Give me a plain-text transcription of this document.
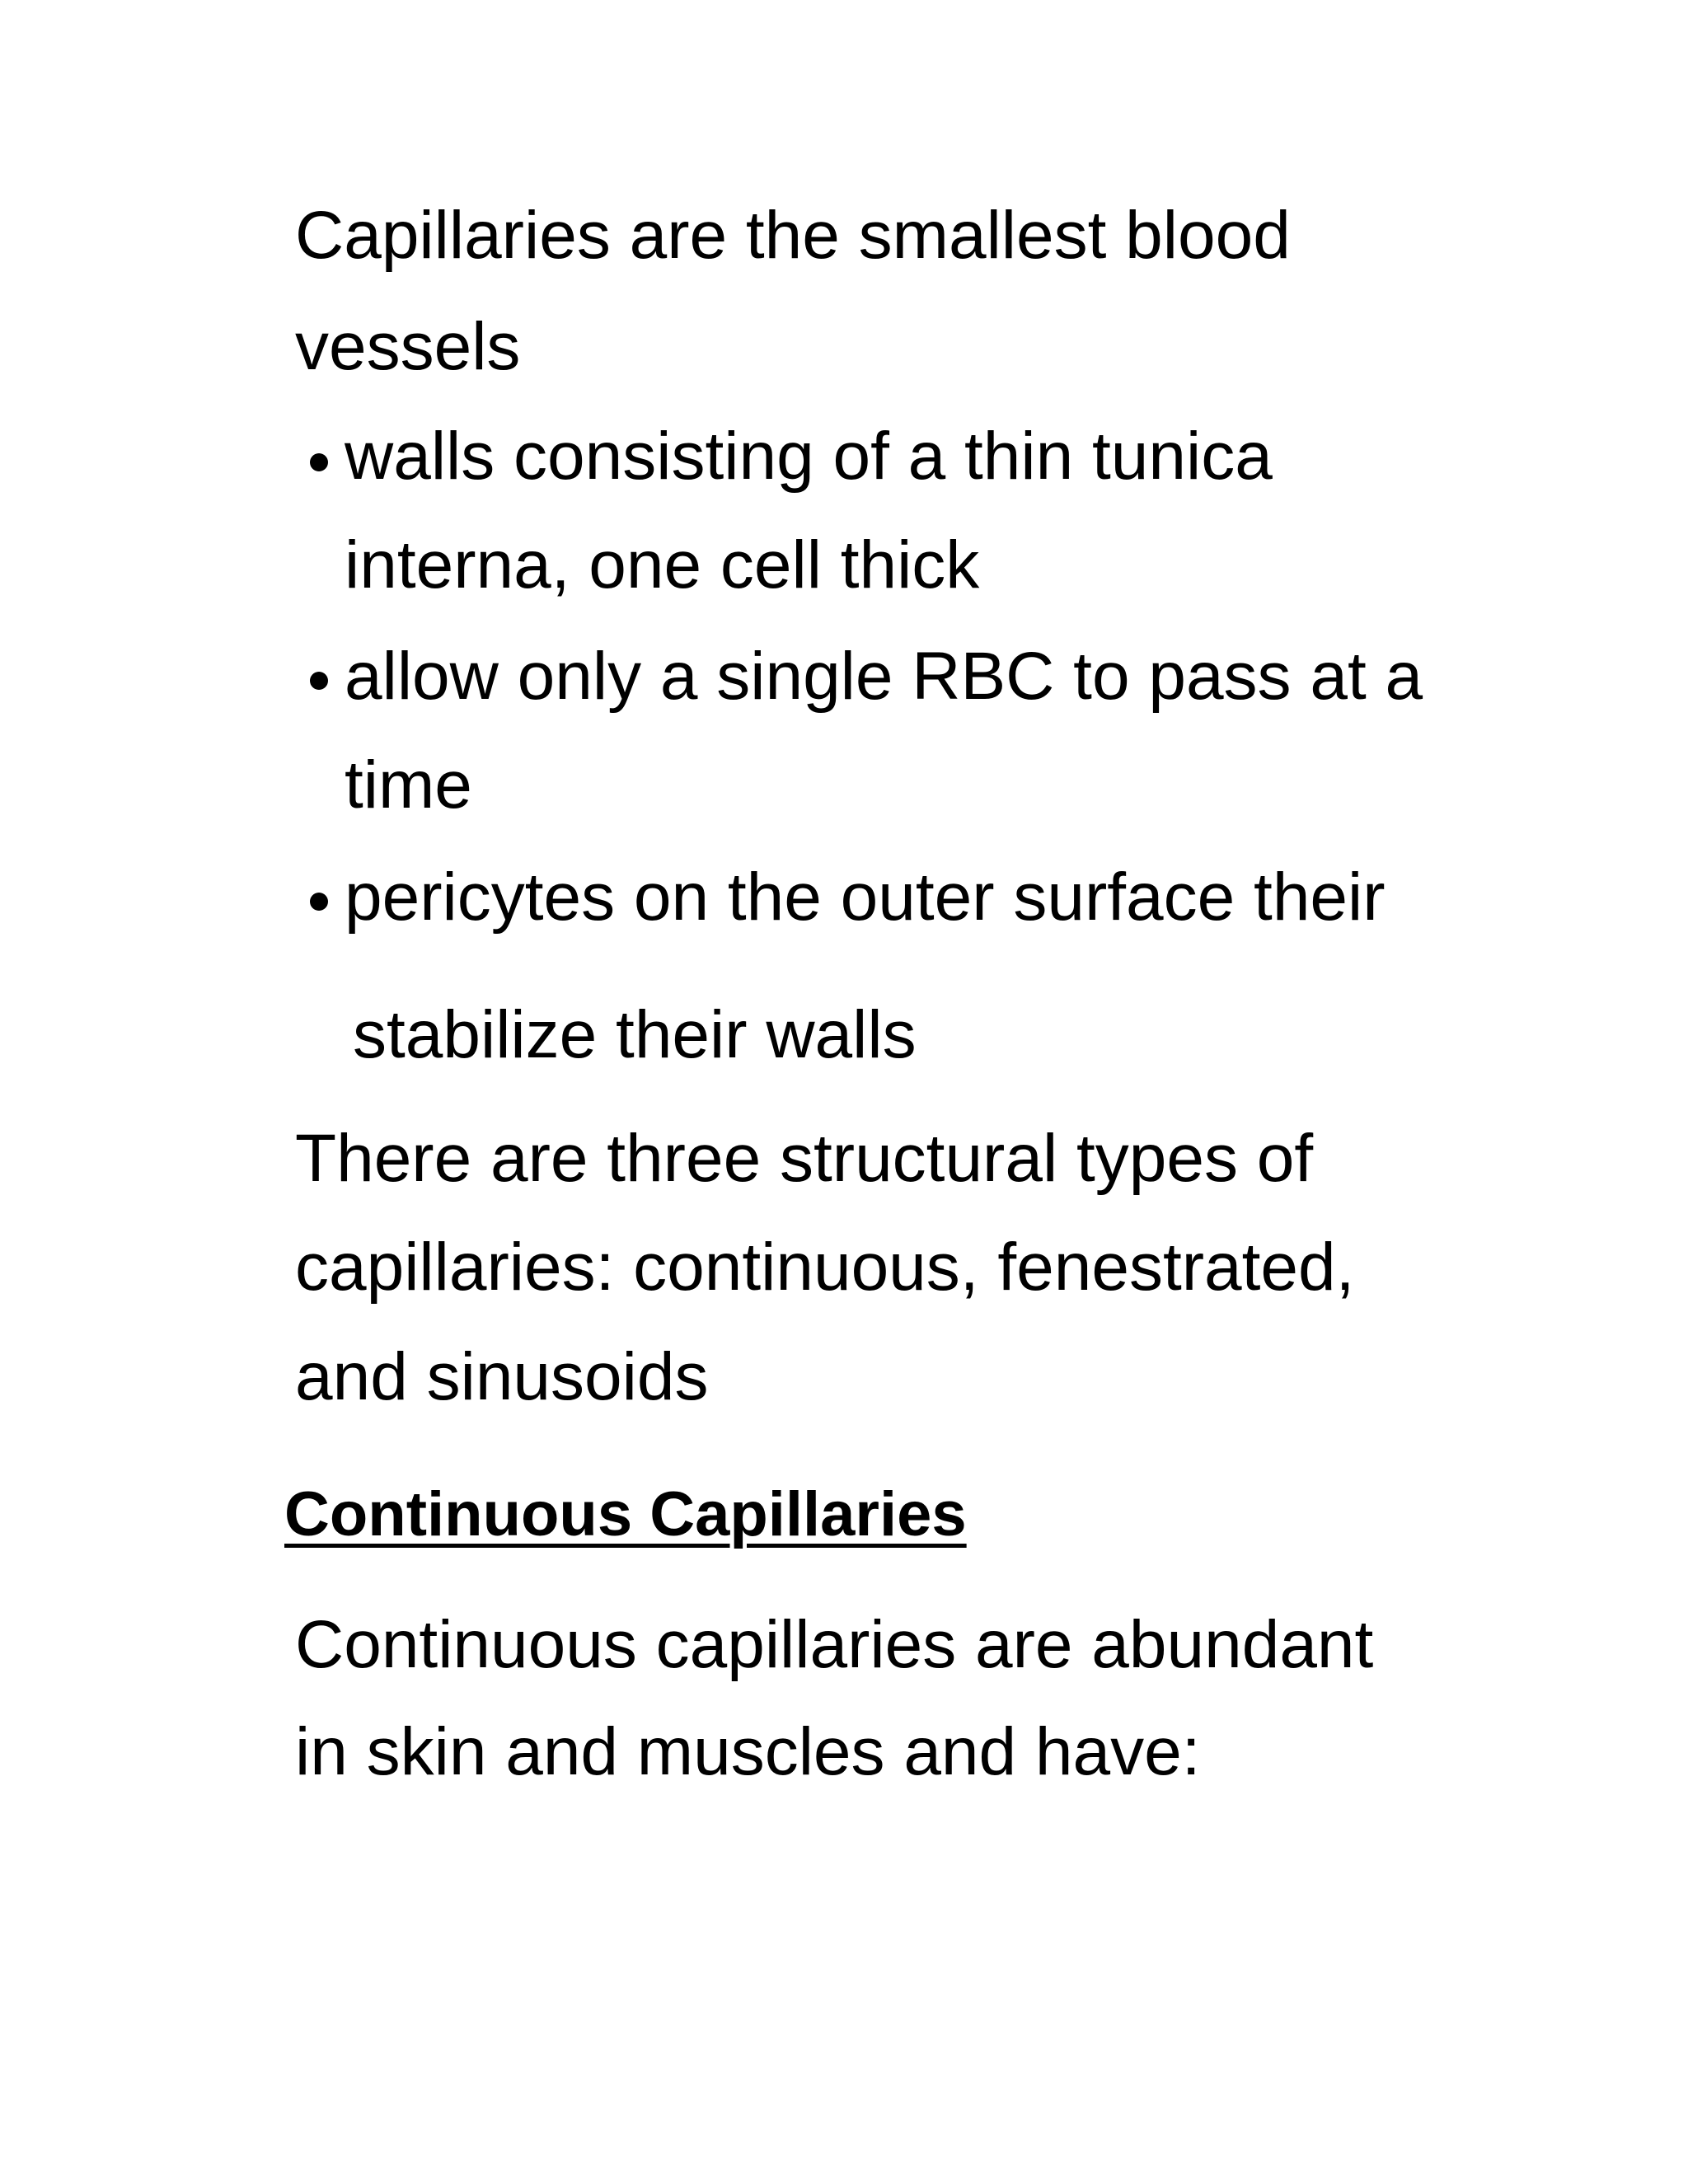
Capillaries are the smallest blood
vessels
walls consisting of a thin tunica
interna, one cell thick
allow only a single RBC to pass at a
time
pericytes on the outer surface their
stabilize their walls
There are three structural types of
capillaries: continuous, fenestrated,
and sinusoids
Continuous Capillaries
Continuous capillaries are abundant
in skin and muscles and have:
